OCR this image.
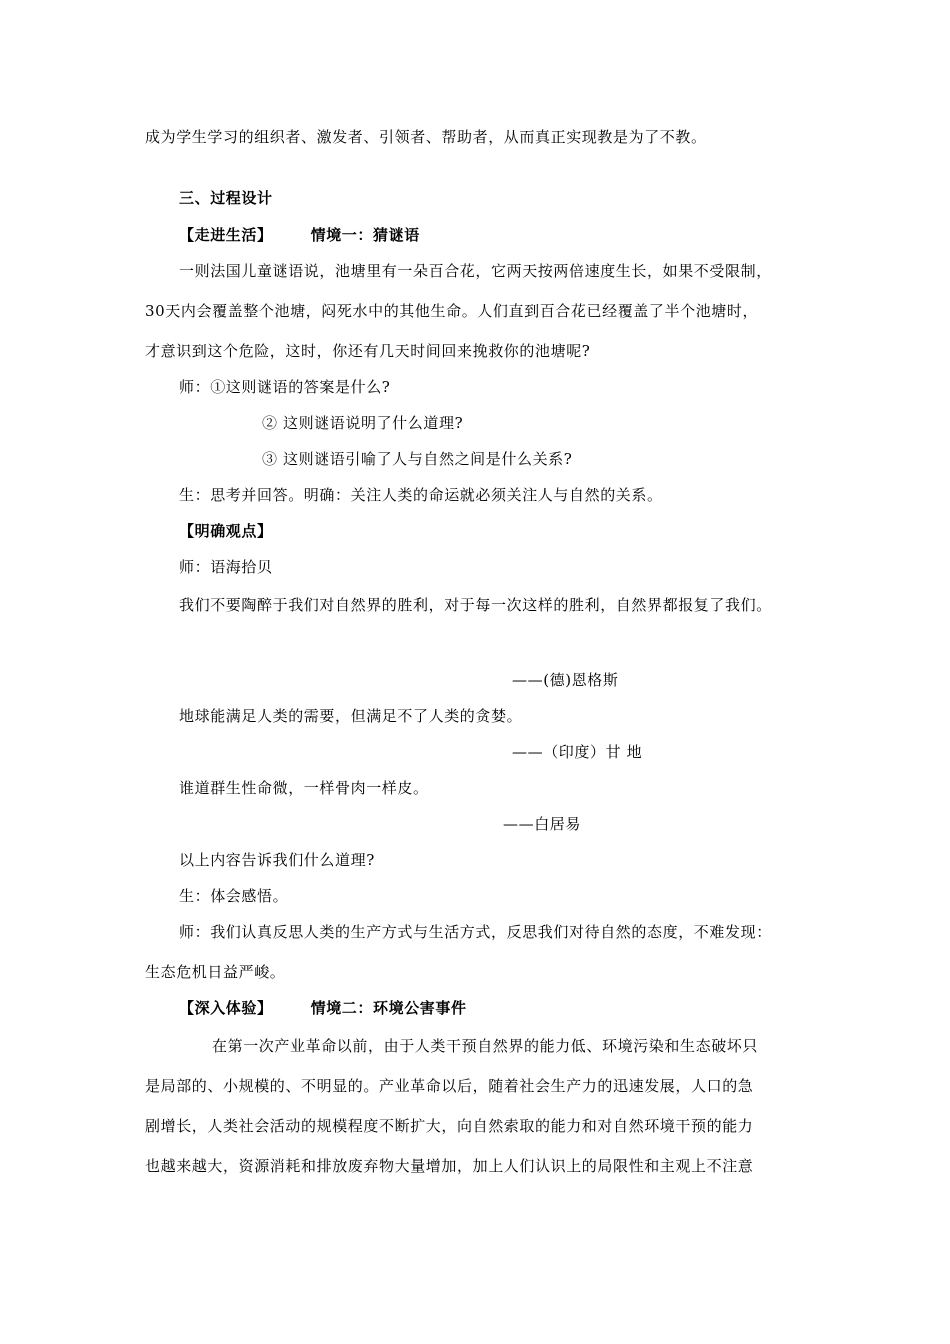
成为学生学习的组织者、激发者、引领者、帮助者，从而真正实现教是为了不教。
三、过程设计
【走进生活】	情境一：猜谜语
一则法国儿童谜语说，池塘里有一朵百合花，它两天按两倍速度生长，如果不受限制，
30天内会覆盖整个池塘，闷死水中的其他生命。人们直到百合花已经覆盖了半个池塘时，
才意识到这个危险，这时，你还有几天时间回来挽救你的池塘呢?
师：①这则谜语的答案是什么?
② 这则谜语说明了什么道理?
③ 这则谜语引喻了人与自然之间是什么关系?
生：思考并回答。明确：关注人类的命运就必须关注人与自然的关系。
【明确观点】
师：语海拾贝
我们不要陶醉于我们对自然界的胜利，对于每一次这样的胜利，自然界都报复了我们。
——(德)恩格斯
地球能满足人类的需要，但满足不了人类的贪婪。
——（印度）甘 地
谁道群生性命微，一样骨肉一样皮。
——白居易
以上内容告诉我们什么道理?
生：体会感悟。
师：我们认真反思人类的生产方式与生活方式，反思我们对待自然的态度，不难发现：
生态危机日益严峻。
【深入体验】	情境二：环境公害事件
在第一次产业革命以前，由于人类干预自然界的能力低、环境污染和生态破坏只
是局部的、小规模的、不明显的。产业革命以后，随着社会生产力的迅速发展，人口的急
剧增长，人类社会活动的规模程度不断扩大，向自然索取的能力和对自然环境干预的能力
也越来越大，资源消耗和排放废弃物大量增加，加上人们认识上的局限性和主观上不注意
